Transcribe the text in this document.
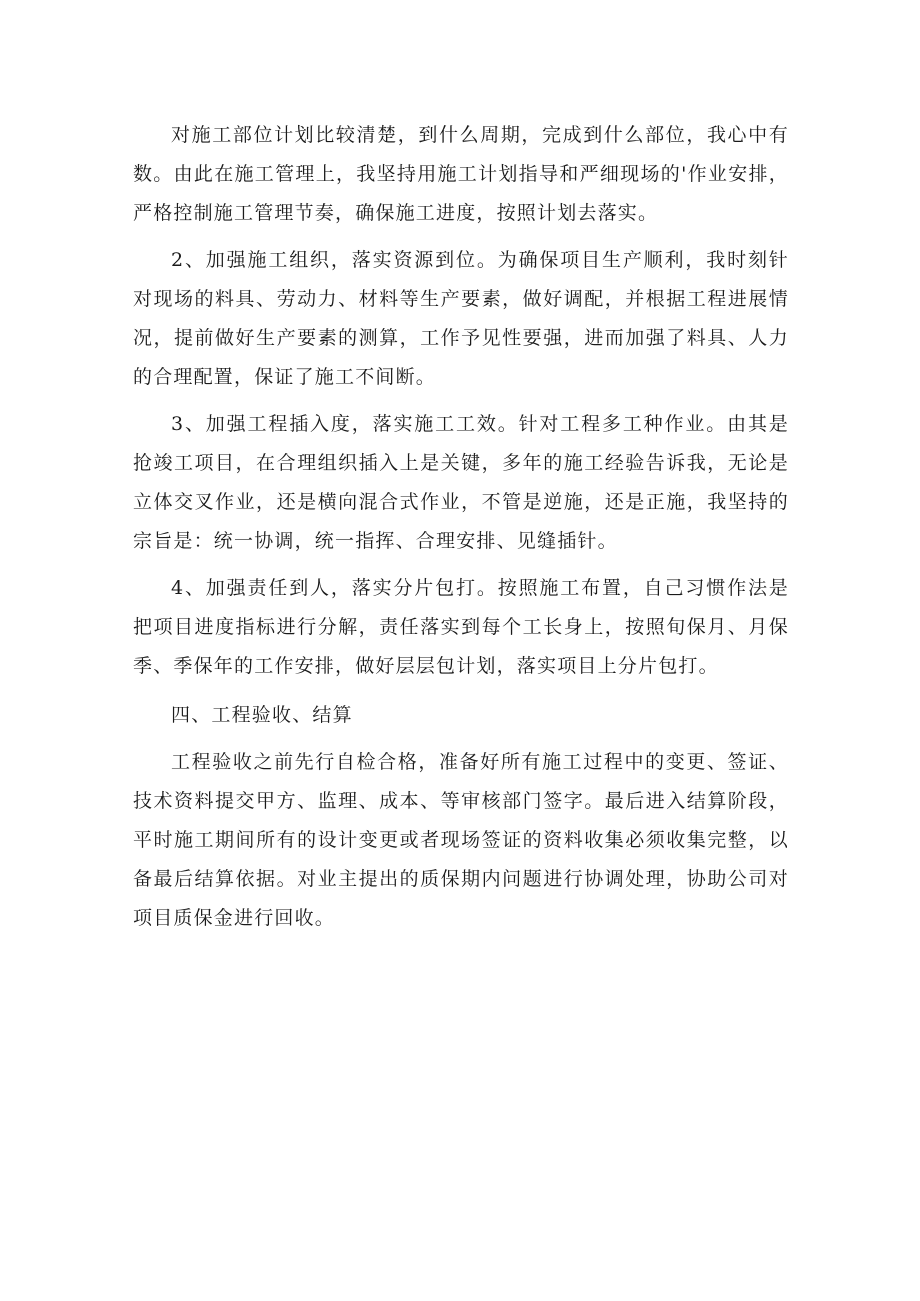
对施工部位计划比较清楚，到什么周期，完成到什么部位，我心中有数。由此在施工管理上，我坚持用施工计划指导和严细现场的'作业安排，严格控制施工管理节奏，确保施工进度，按照计划去落实。

2、加强施工组织，落实资源到位。为确保项目生产顺利，我时刻针对现场的料具、劳动力、材料等生产要素，做好调配，并根据工程进展情况，提前做好生产要素的测算，工作予见性要强，进而加强了料具、人力的合理配置，保证了施工不间断。

3、加强工程插入度，落实施工工效。针对工程多工种作业。由其是抢竣工项目，在合理组织插入上是关键，多年的施工经验告诉我，无论是立体交叉作业，还是横向混合式作业，不管是逆施，还是正施，我坚持的宗旨是：统一协调，统一指挥、合理安排、见缝插针。

4、加强责任到人，落实分片包打。按照施工布置，自己习惯作法是把项目进度指标进行分解，责任落实到每个工长身上，按照旬保月、月保季、季保年的工作安排，做好层层包计划，落实项目上分片包打。

四、工程验收、结算

工程验收之前先行自检合格，准备好所有施工过程中的变更、签证、技术资料提交甲方、监理、成本、等审核部门签字。最后进入结算阶段，平时施工期间所有的设计变更或者现场签证的资料收集必须收集完整，以备最后结算依据。对业主提出的质保期内问题进行协调处理，协助公司对项目质保金进行回收。
